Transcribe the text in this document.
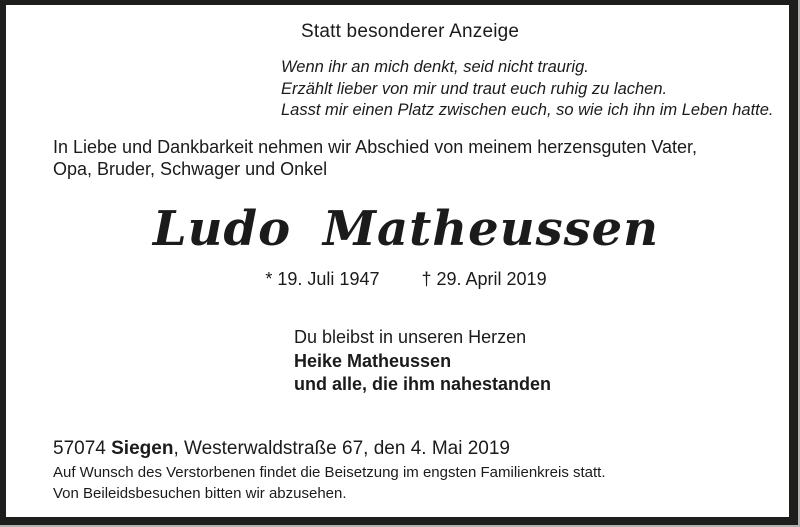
Statt besonderer Anzeige
Wenn ihr an mich denkt, seid nicht traurig.
Erzählt lieber von mir und traut euch ruhig zu lachen.
Lasst mir einen Platz zwischen euch, so wie ich ihn im Leben hatte.
In Liebe und Dankbarkeit nehmen wir Abschied von meinem herzensguten Vater,
Opa, Bruder, Schwager und Onkel
Ludo Matheussen
* 19. Juli 1947 † 29. April 2019
Du bleibst in unseren Herzen
Heike Matheussen
und alle, die ihm nahestanden
57074 Siegen, Westerwaldstraße 67, den 4. Mai 2019
Auf Wunsch des Verstorbenen findet die Beisetzung im engsten Familienkreis statt.
Von Beileidsbesuchen bitten wir abzusehen.
